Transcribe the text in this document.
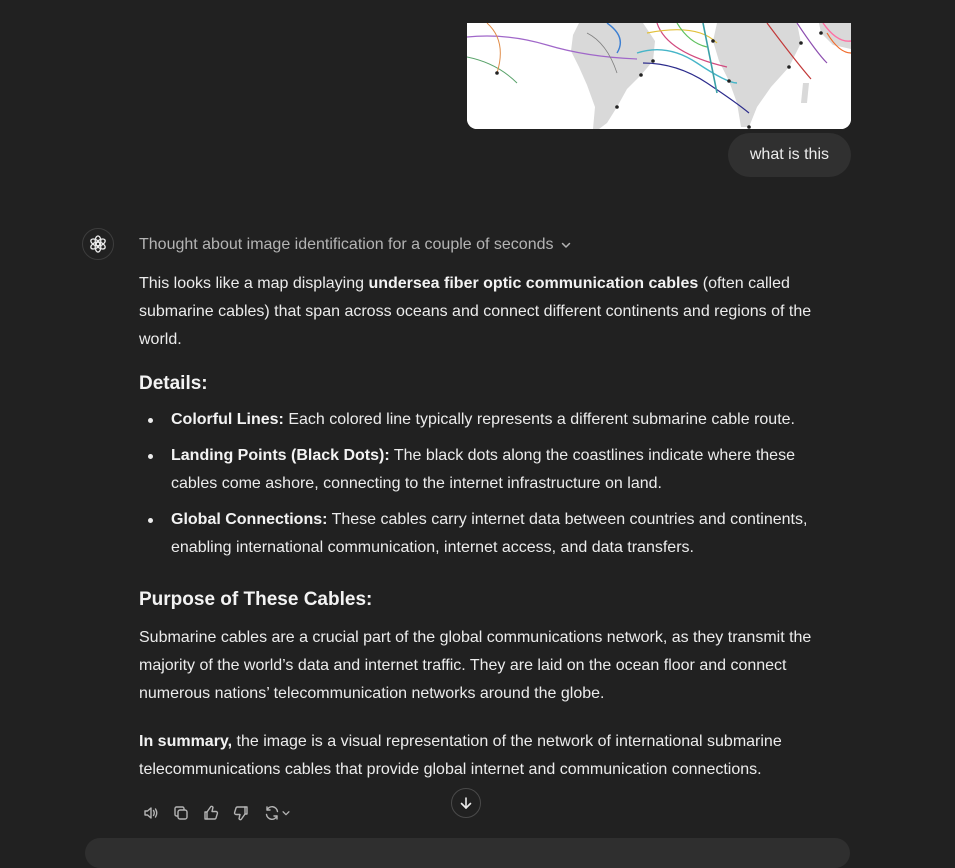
what is this
Thought about image identification for a couple of seconds

This looks like a map displaying undersea fiber optic communication cables (often called submarine cables) that span across oceans and connect different continents and regions of the world.

Details:
Colorful Lines: Each colored line typically represents a different submarine cable route.
Landing Points (Black Dots): The black dots along the coastlines indicate where these cables come ashore, connecting to the internet infrastructure on land.
Global Connections: These cables carry internet data between countries and continents, enabling international communication, internet access, and data transfers.
Purpose of These Cables:

Submarine cables are a crucial part of the global communications network, as they transmit the majority of the world’s data and internet traffic. They are laid on the ocean floor and connect numerous nations’ telecommunication networks around the globe.

In summary, the image is a visual representation of the network of international submarine telecommunications cables that provide global internet and communication connections.
